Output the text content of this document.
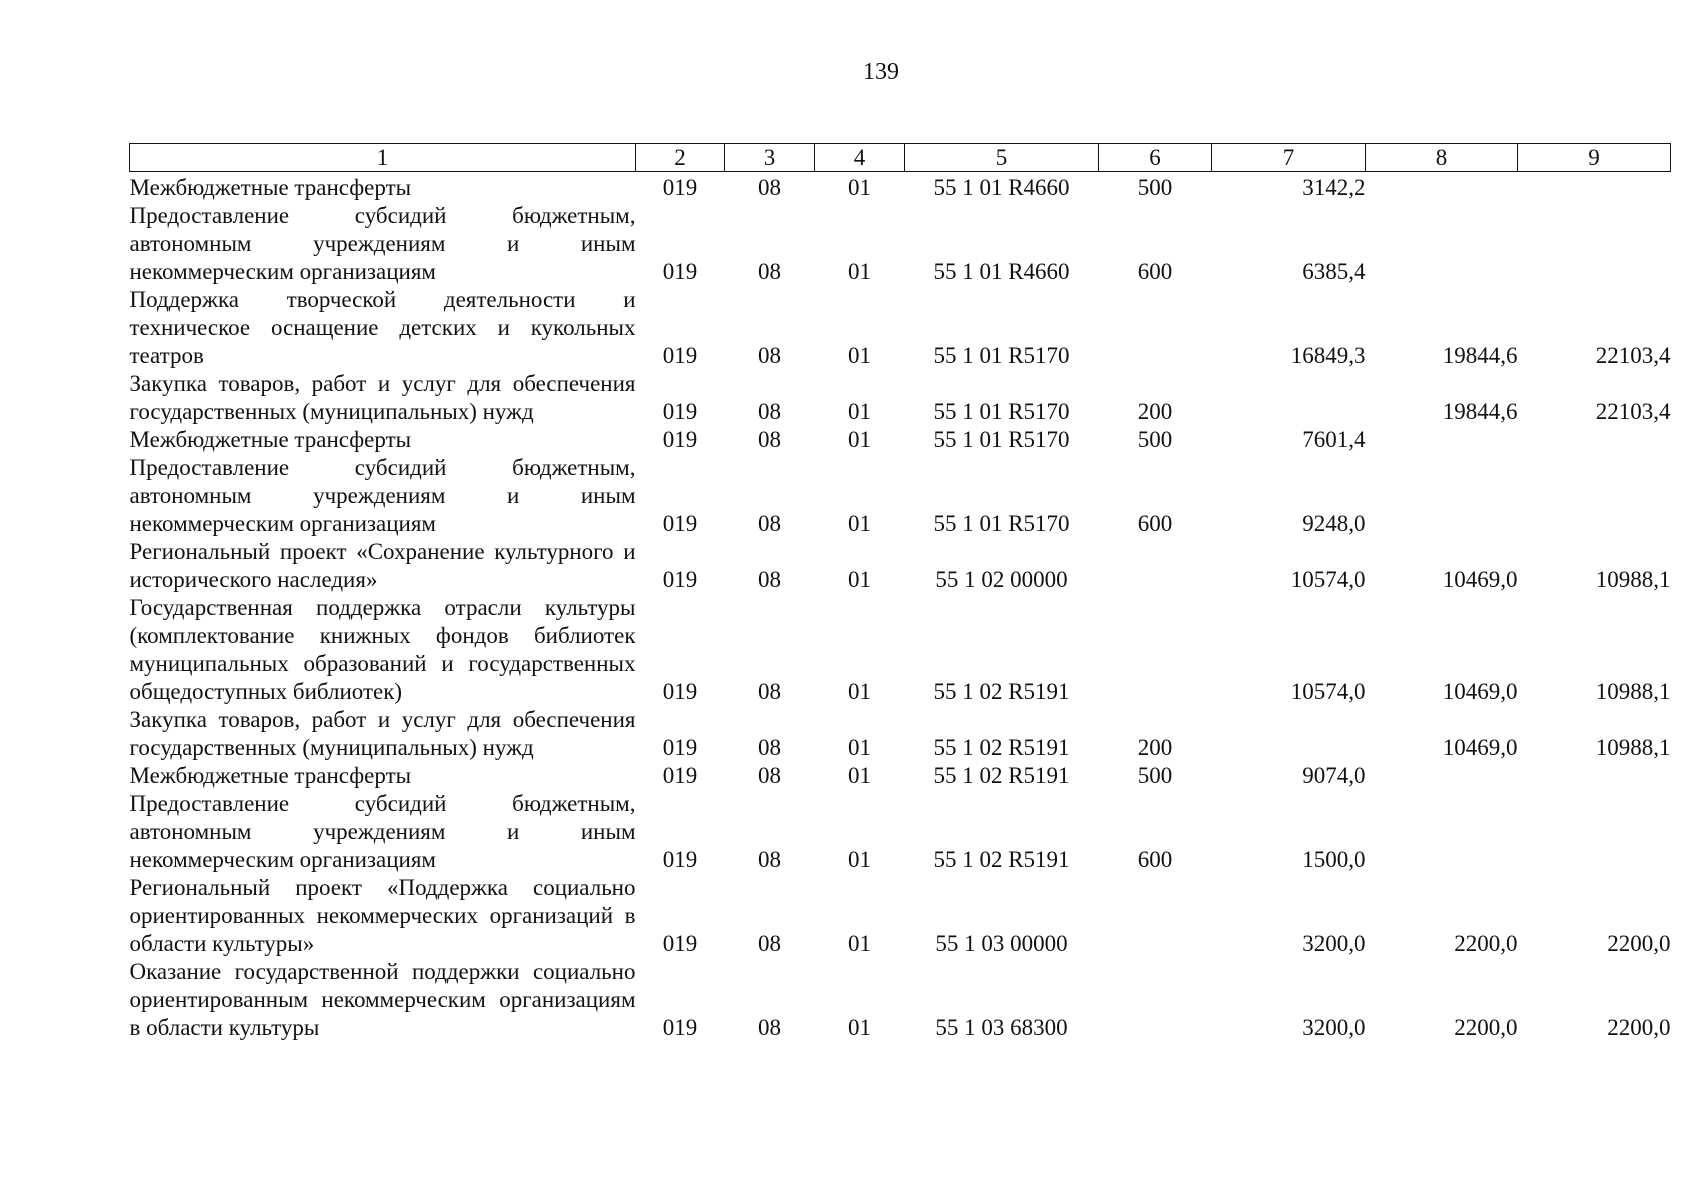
139
1	2	3	4	5	6	7	8	9
Межбюджетные трансферты	019	08	01	55 1 01 R4660	500	3142,2		
Предоставление субсидий бюджетным, автономным учреждениям и иным некоммерческим организациям	019	08	01	55 1 01 R4660	600	6385,4		
Поддержка творческой деятельности и техническое оснащение детских и кукольных театров	019	08	01	55 1 01 R5170		16849,3	19844,6	22103,4
Закупка товаров, работ и услуг для обеспечения государственных (муниципальных) нужд	019	08	01	55 1 01 R5170	200		19844,6	22103,4
Межбюджетные трансферты	019	08	01	55 1 01 R5170	500	7601,4		
Предоставление субсидий бюджетным, автономным учреждениям и иным некоммерческим организациям	019	08	01	55 1 01 R5170	600	9248,0		
Региональный проект «Сохранение культурного и исторического наследия»	019	08	01	55 1 02 00000		10574,0	10469,0	10988,1
Государственная поддержка отрасли культуры (комплектование книжных фондов библиотек муниципальных образований и государственных общедоступных библиотек)	019	08	01	55 1 02 R5191		10574,0	10469,0	10988,1
Закупка товаров, работ и услуг для обеспечения государственных (муниципальных) нужд	019	08	01	55 1 02 R5191	200		10469,0	10988,1
Межбюджетные трансферты	019	08	01	55 1 02 R5191	500	9074,0		
Предоставление субсидий бюджетным, автономным учреждениям и иным некоммерческим организациям	019	08	01	55 1 02 R5191	600	1500,0		
Региональный проект «Поддержка социально ориентированных некоммерческих организаций в области культуры»	019	08	01	55 1 03 00000		3200,0	2200,0	2200,0
Оказание государственной поддержки социально ориентированным некоммерческим организациям в области культуры	019	08	01	55 1 03 68300		3200,0	2200,0	2200,0
